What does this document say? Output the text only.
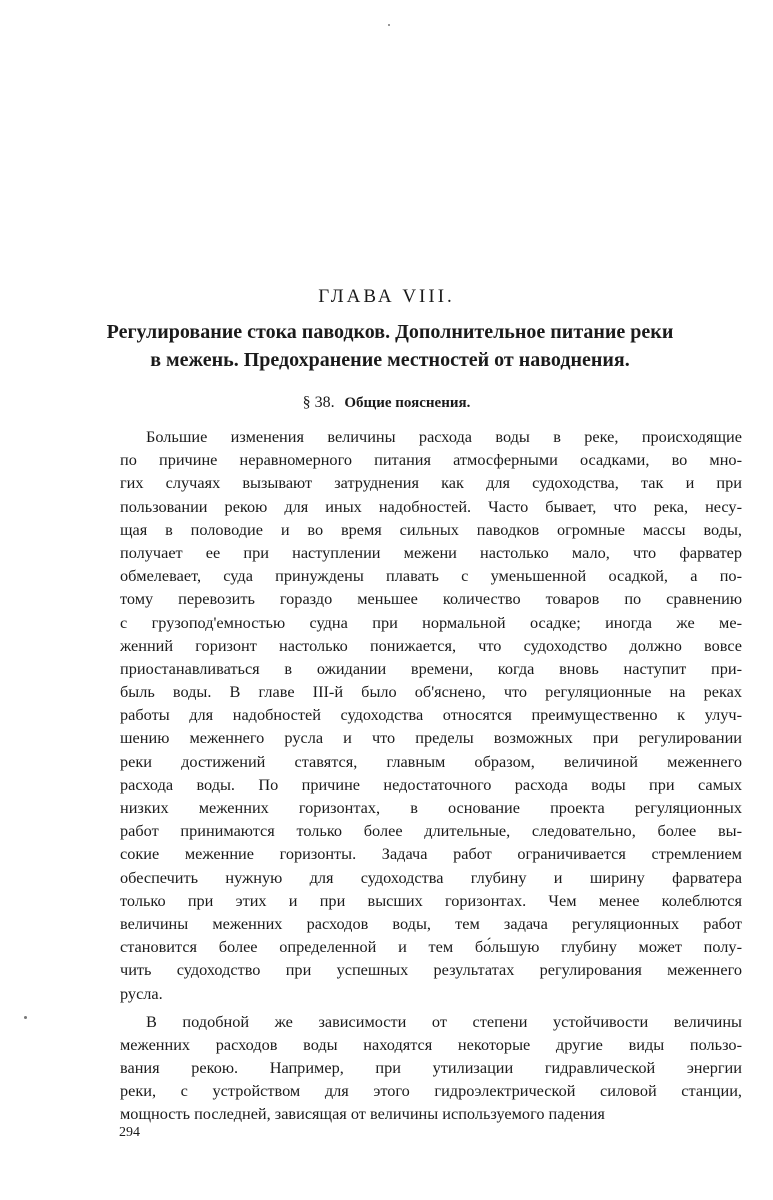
ГЛАВА VIII.
Регулирование стока паводков. Дополнительное питание реки
в межень. Предохранение местностей от наводнения.
§ 38. Общие пояснения.
Большие изменения величины расхода воды в реке, происходящие
по причине неравномерного питания атмосферными осадками, во мно-
гих случаях вызывают затруднения как для судоходства, так и при
пользовании рекою для иных надобностей. Часто бывает, что река, несу-
щая в половодие и во время сильных паводков огромные массы воды,
получает ее при наступлении межени настолько мало, что фарватер
обмелевает, суда принуждены плавать с уменьшенной осадкой, а по-
тому перевозить гораздо меньшее количество товаров по сравнению
с грузопод'емностью судна при нормальной осадке; иногда же ме-
женний горизонт настолько понижается, что судоходство должно вовсе
приостанавливаться в ожидании времени, когда вновь наступит при-
быль воды. В главе III-й было об'яснено, что регуляционные на реках
работы для надобностей судоходства относятся преимущественно к улуч-
шению меженнего русла и что пределы возможных при регулировании
реки достижений ставятся, главным образом, величиной меженнего
расхода воды. По причине недостаточного расхода воды при самых
низких меженних горизонтах, в основание проекта регуляционных
работ принимаются только более длительные, следовательно, более вы-
сокие меженние горизонты. Задача работ ограничивается стремлением
обеспечить нужную для судоходства глубину и ширину фарватера
только при этих и при высших горизонтах. Чем менее колеблются
величины меженних расходов воды, тем задача регуляционных работ
становится более определенной и тем бо́льшую глубину может полу-
чить судоходство при успешных результатах регулирования меженнего
русла.
В подобной же зависимости от степени устойчивости величины
меженних расходов воды находятся некоторые другие виды пользо-
вания рекою. Например, при утилизации гидравлической энергии
реки, с устройством для этого гидроэлектрической силовой станции,
мощность последней, зависящая от величины используемого падения
294
